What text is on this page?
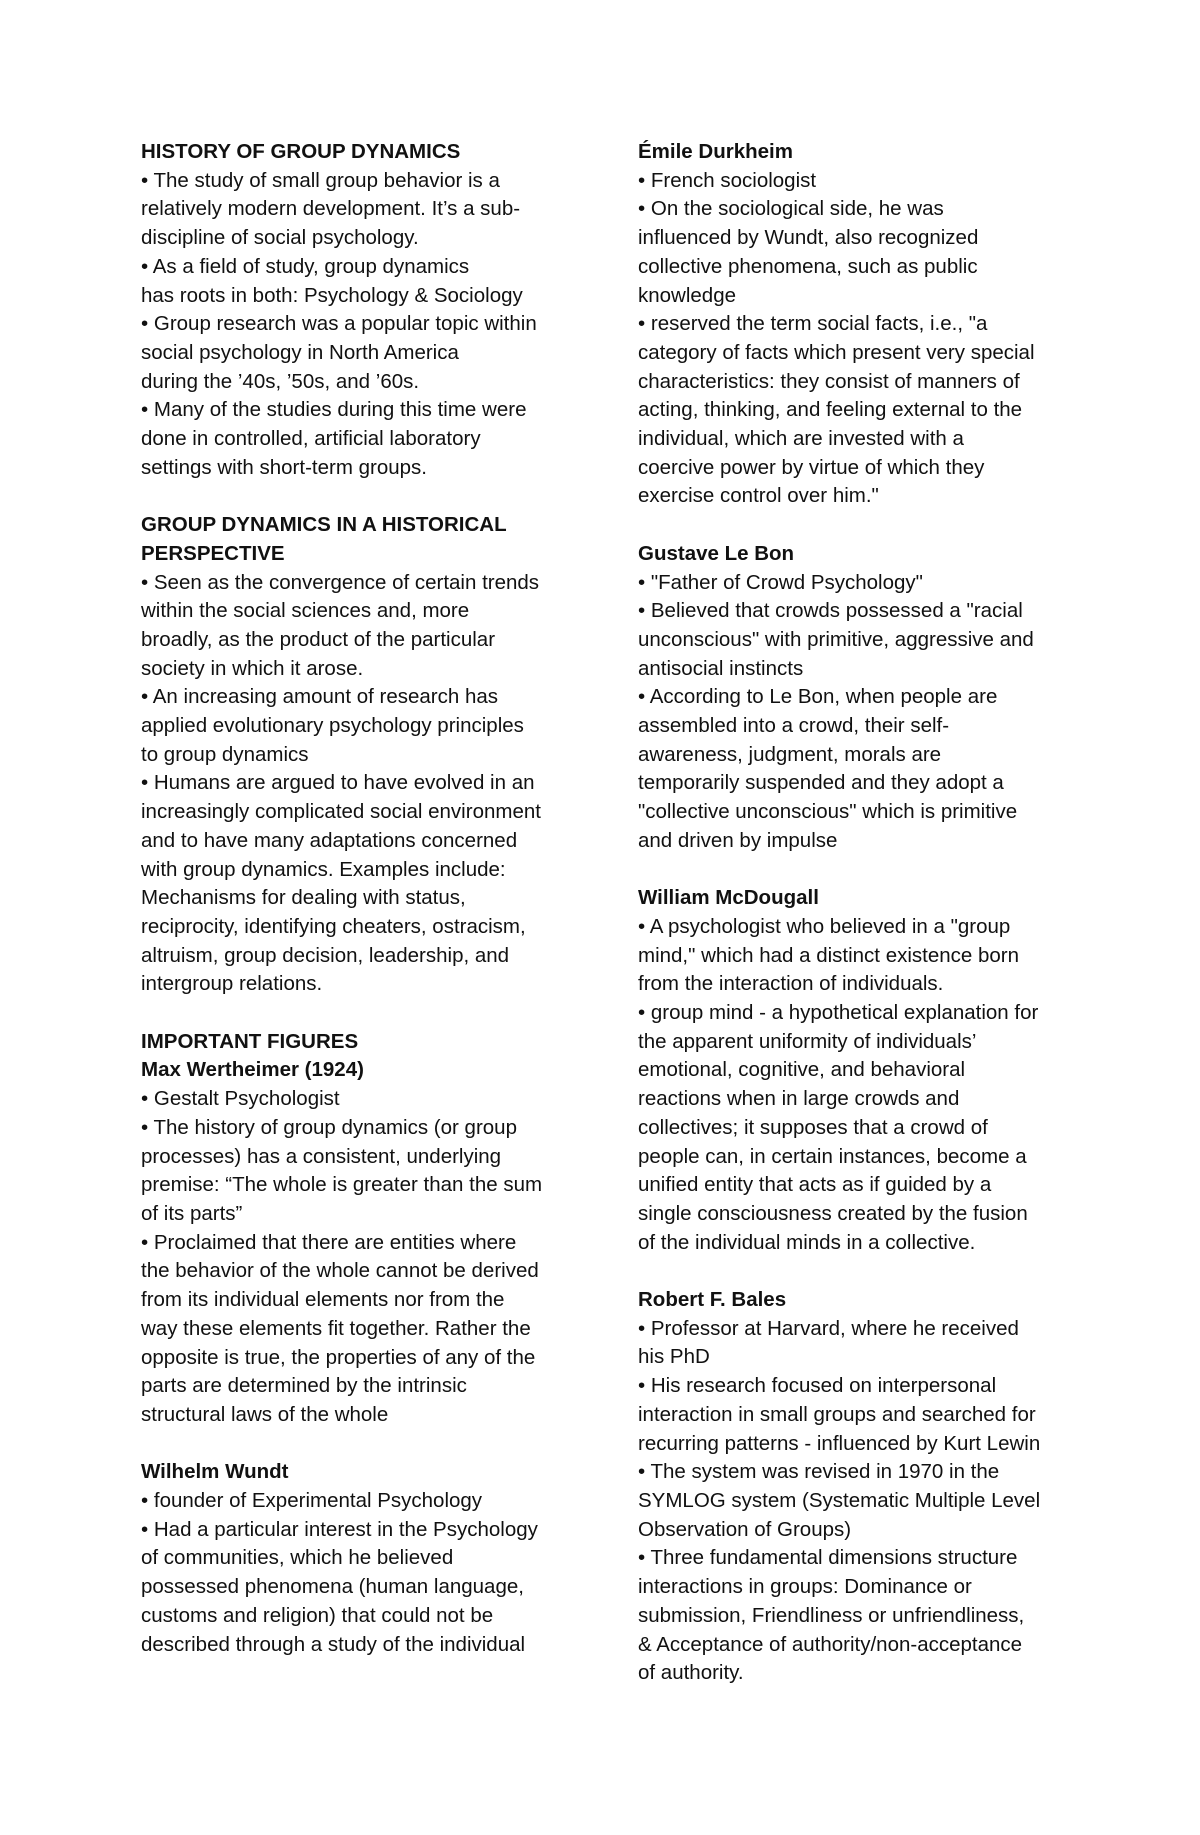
HISTORY OF GROUP DYNAMICS

• The study of small group behavior is a

relatively modern development. It’s a sub-

discipline of social psychology.

• As a field of study, group dynamics

has roots in both: Psychology & Sociology

• Group research was a popular topic within

social psychology in North America

during the ’40s, ’50s, and ’60s.

• Many of the studies during this time were

done in controlled, artificial laboratory

settings with short-term groups.

GROUP DYNAMICS IN A HISTORICAL

PERSPECTIVE

• Seen as the convergence of certain trends

within the social sciences and, more

broadly, as the product of the particular

society in which it arose.

• An increasing amount of research has

applied evolutionary psychology principles

to group dynamics

• Humans are argued to have evolved in an

increasingly complicated social environment

and to have many adaptations concerned

with group dynamics. Examples include:

Mechanisms for dealing with status,

reciprocity, identifying cheaters, ostracism,

altruism, group decision, leadership, and

intergroup relations.

IMPORTANT FIGURES

Max Wertheimer (1924)

• Gestalt Psychologist

• The history of group dynamics (or group

processes) has a consistent, underlying

premise: “The whole is greater than the sum

of its parts”

• Proclaimed that there are entities where

the behavior of the whole cannot be derived

from its individual elements nor from the

way these elements fit together. Rather the

opposite is true, the properties of any of the

parts are determined by the intrinsic

structural laws of the whole

Wilhelm Wundt

• founder of Experimental Psychology

• Had a particular interest in the Psychology

of communities, which he believed

possessed phenomena (human language,

customs and religion) that could not be

described through a study of the individual

Émile Durkheim

• French sociologist

• On the sociological side, he was

influenced by Wundt, also recognized

collective phenomena, such as public

knowledge

• reserved the term social facts, i.e., "a

category of facts which present very special

characteristics: they consist of manners of

acting, thinking, and feeling external to the

individual, which are invested with a

coercive power by virtue of which they

exercise control over him."

Gustave Le Bon

• "Father of Crowd Psychology"

• Believed that crowds possessed a "racial

unconscious" with primitive, aggressive and

antisocial instincts

• According to Le Bon, when people are

assembled into a crowd, their self-

awareness, judgment, morals are

temporarily suspended and they adopt a

"collective unconscious" which is primitive

and driven by impulse

William McDougall

• A psychologist who believed in a "group

mind," which had a distinct existence born

from the interaction of individuals.

• group mind - a hypothetical explanation for

the apparent uniformity of individuals’

emotional, cognitive, and behavioral

reactions when in large crowds and

collectives; it supposes that a crowd of

people can, in certain instances, become a

unified entity that acts as if guided by a

single consciousness created by the fusion

of the individual minds in a collective.

Robert F. Bales

• Professor at Harvard, where he received

his PhD

• His research focused on interpersonal

interaction in small groups and searched for

recurring patterns - influenced by Kurt Lewin

• The system was revised in 1970 in the

SYMLOG system (Systematic Multiple Level

Observation of Groups)

• Three fundamental dimensions structure

interactions in groups: Dominance or

submission, Friendliness or unfriendliness,

& Acceptance of authority/non-acceptance

of authority.
